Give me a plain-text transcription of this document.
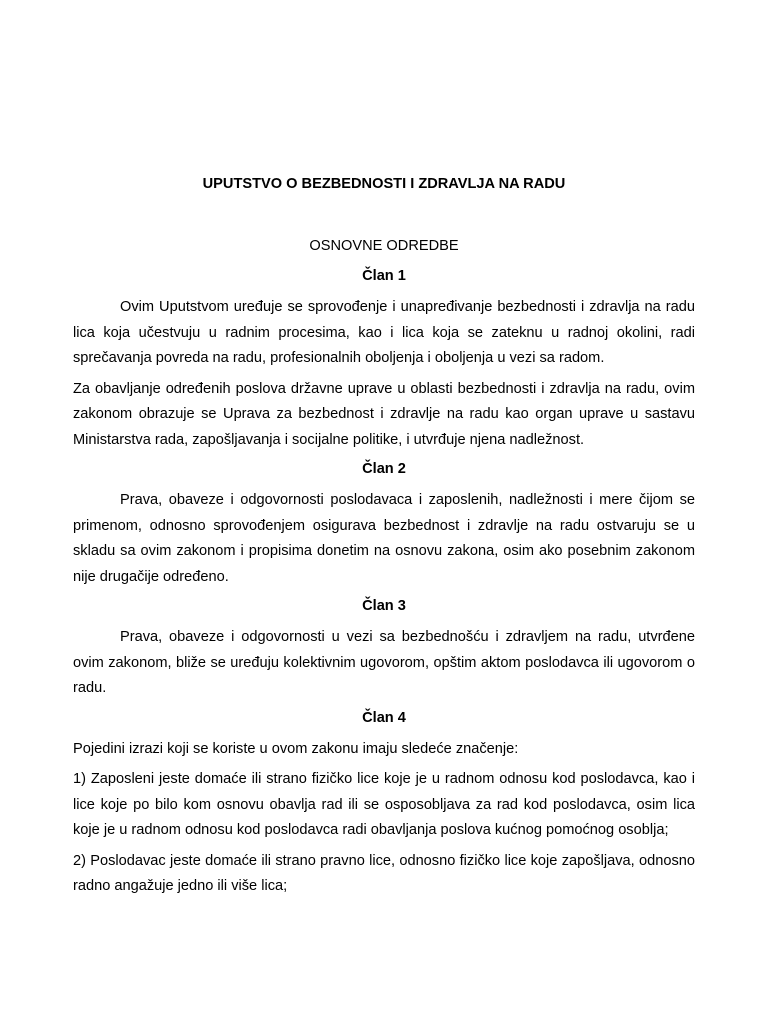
UPUTSTVO O BEZBEDNOSTI I ZDRAVLJA NA RADU
OSNOVNE ODREDBE
Član 1

Ovim Uputstvom uređuje se sprovođenje i unapređivanje bezbednosti i zdravlja na radu lica koja učestvuju u radnim procesima, kao i lica koja se zateknu u radnoj okolini, radi sprečavanja povreda na radu, profesionalnih oboljenja i oboljenja u vezi sa radom.

Za obavljanje određenih poslova državne uprave u oblasti bezbednosti i zdravlja na radu, ovim zakonom obrazuje se Uprava za bezbednost i zdravlje na radu kao organ uprave u sastavu Ministarstva rada, zapošljavanja i socijalne politike, i utvrđuje njena nadležnost.

Član 2

Prava, obaveze i odgovornosti poslodavaca i zaposlenih, nadležnosti i mere čijom se primenom, odnosno sprovođenjem osigurava bezbednost i zdravlje na radu ostvaruju se u skladu sa ovim zakonom i propisima donetim na osnovu zakona, osim ako posebnim zakonom nije drugačije određeno.

Član 3

Prava, obaveze i odgovornosti u vezi sa bezbednošću i zdravljem na radu, utvrđene ovim zakonom, bliže se uređuju kolektivnim ugovorom, opštim aktom poslodavca ili ugovorom o radu.

Član 4

Pojedini izrazi koji se koriste u ovom zakonu imaju sledeće značenje:

1) Zaposleni jeste domaće ili strano fizičko lice koje je u radnom odnosu kod poslodavca, kao i lice koje po bilo kom osnovu obavlja rad ili se osposobljava za rad kod poslodavca, osim lica koje je u radnom odnosu kod poslodavca radi obavljanja poslova kućnog pomoćnog osoblja;

2) Poslodavac jeste domaće ili strano pravno lice, odnosno fizičko lice koje zapošljava, odnosno radno angažuje jedno ili više lica;
